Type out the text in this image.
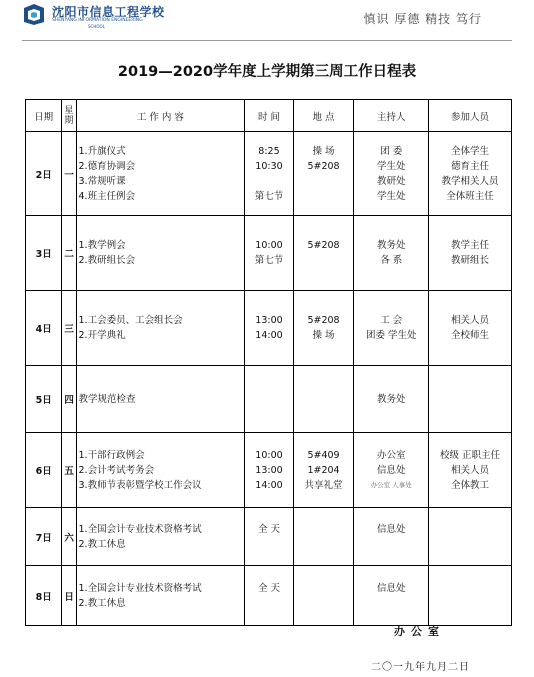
沈阳市信息工程学校
SHENYANG INFORMATION ENGINEERING
SCHOOL
慎识 厚德 精技 笃行
2019—2020学年度上学期第三周工作日程表
日期	星期	工 作 内 容	时 间	地 点	主持人	参加人员
2日	一	1.升旗仪式
2.德育协调会
3.常规听课
4.班主任例会	8:25
10:30

第七节	操 场
5#208	团 委
学生处
教研处
学生处	全体学生
德育主任
教学相关人员
全体班主任

3日	二	1.教学例会
2.教研组长会	10:00
第七节	5#208	教务处
各 系	教学主任
教研组长

4日	三	1.工会委员、工会组长会
2.开学典礼	13:00
14:00	5#208
操 场	工 会
团委 学生处	相关人员
全校师生

5日	四	教学规范检查			教务处	

6日	五	1.干部行政例会
2.会计考试考务会
3.教师节表彰暨学校工作会议	10:00
13:00
14:00	5#409
1#204
共享礼堂	办公室
信息处
办公室 人事处	校级 正职主任
相关人员
全体教工

7日	六	1.全国会计专业技术资格考试
2.教工休息	全 天		信息处	

8日	日	1.全国会计专业技术资格考试
2.教工休息	全 天		信息处	

办公室
二〇一九年九月二日
